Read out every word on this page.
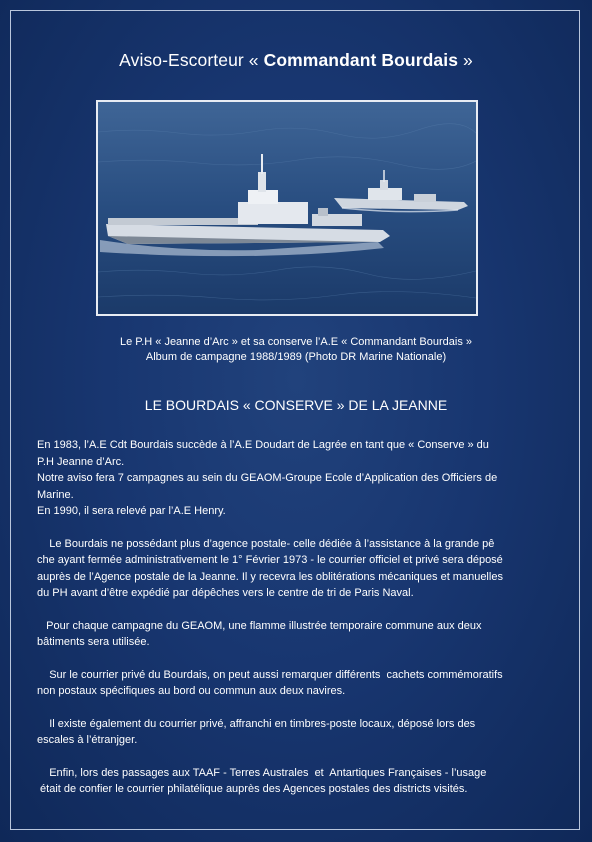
Aviso-Escorteur « Commandant Bourdais »
Le P.H « Jeanne d’Arc » et sa conserve l’A.E « Commandant Bourdais »
Album de campagne 1988/1989 (Photo DR Marine Nationale)
LE BOURDAIS « CONSERVE » DE LA JEANNE

En 1983, l’A.E Cdt Bourdais succède à l’A.E Doudart de Lagrée en tant que « Conserve » du

P.H Jeanne d’Arc.

Notre aviso fera 7 campagnes au sein du GEAOM-Groupe Ecole d’Application des Officiers de

Marine.

En 1990, il sera relevé par l’A.E Henry.

Le Bourdais ne possédant plus d’agence postale- celle dédiée à l’assistance à la grande pê

che ayant fermée administrativement le 1° Février 1973 - le courrier officiel et privé sera déposé

auprès de l’Agence postale de la Jeanne. Il y recevra les oblitérations mécaniques et manuelles

du PH avant d’être expédié par dépêches vers le centre de tri de Paris Naval.

Pour chaque campagne du GEAOM, une flamme illustrée temporaire commune aux deux

bâtiments sera utilisée.

Sur le courrier privé du Bourdais, on peut aussi remarquer différents  cachets commémoratifs

non postaux spécifiques au bord ou commun aux deux navires.

Il existe également du courrier privé, affranchi en timbres-poste locaux, déposé lors des

escales à l’étranjger.

Enfin, lors des passages aux TAAF - Terres Australes  et  Antartiques Françaises - l’usage

était de confier le courrier philatélique auprès des Agences postales des districts visités.
